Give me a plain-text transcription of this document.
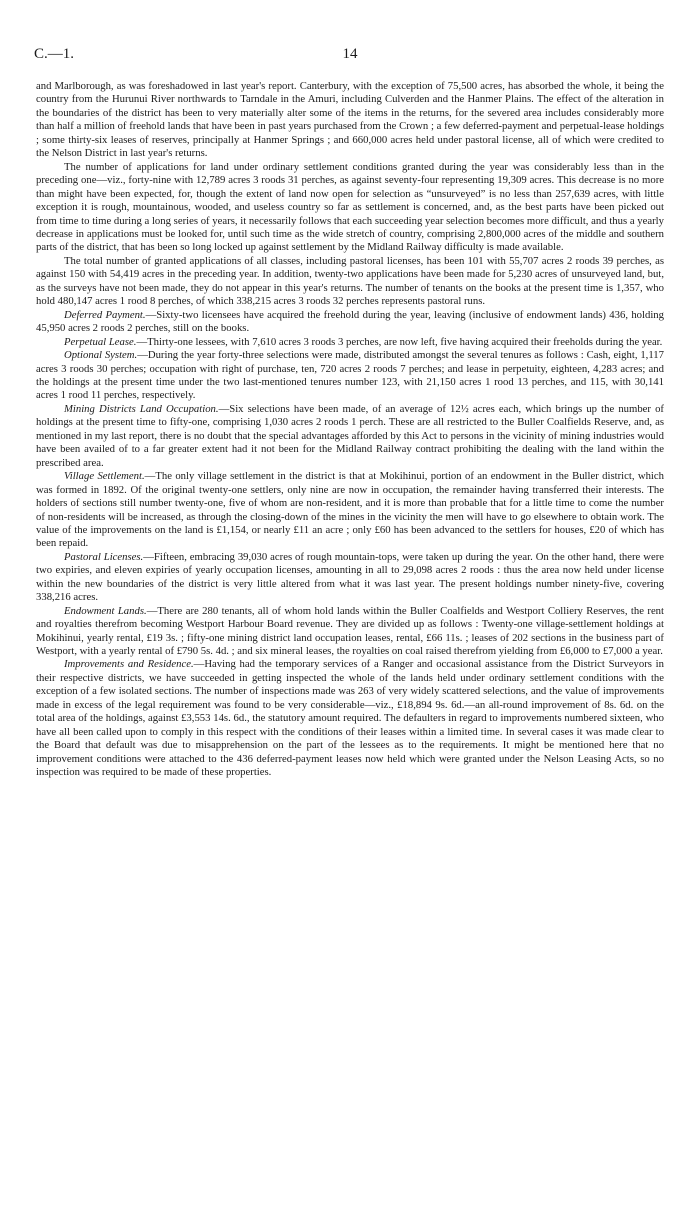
C.—1.	14

and Marlborough, as was foreshadowed in last year's report. Canterbury, with the exception of 75,500 acres, has absorbed the whole, it being the country from the Hurunui River northwards to Tarndale in the Amuri, including Culverden and the Hanmer Plains. The effect of the alteration in the boundaries of the district has been to very materially alter some of the items in the returns, for the severed area includes considerably more than half a million of freehold lands that have been in past years purchased from the Crown ; a few deferred-payment and perpetual-lease holdings ; some thirty-six leases of reserves, principally at Hanmer Springs ; and 660,000 acres held under pastoral license, all of which were credited to the Nelson District in last year's returns.

The number of applications for land under ordinary settlement conditions granted during the year was considerably less than in the preceding one—viz., forty-nine with 12,789 acres 3 roods 31 perches, as against seventy-four representing 19,309 acres. This decrease is no more than might have been expected, for, though the extent of land now open for selection as “unsurveyed” is no less than 257,639 acres, with little exception it is rough, mountainous, wooded, and useless country so far as settlement is concerned, and, as the best parts have been picked out from time to time during a long series of years, it necessarily follows that each succeeding year selection becomes more difficult, and thus a yearly decrease in applications must be looked for, until such time as the wide stretch of country, comprising 2,800,000 acres of the middle and southern parts of the district, that has been so long locked up against settlement by the Midland Railway difficulty is made available.

The total number of granted applications of all classes, including pastoral licenses, has been 101 with 55,707 acres 2 roods 39 perches, as against 150 with 54,419 acres in the preceding year. In addition, twenty-two applications have been made for 5,230 acres of unsurveyed land, but, as the surveys have not been made, they do not appear in this year's returns. The number of tenants on the books at the present time is 1,357, who hold 480,147 acres 1 rood 8 perches, of which 338,215 acres 3 roods 32 perches represents pastoral runs.

Deferred Payment.—Sixty-two licensees have acquired the freehold during the year, leaving (inclusive of endowment lands) 436, holding 45,950 acres 2 roods 2 perches, still on the books.

Perpetual Lease.—Thirty-one lessees, with 7,610 acres 3 roods 3 perches, are now left, five having acquired their freeholds during the year.

Optional System.—During the year forty-three selections were made, distributed amongst the several tenures as follows : Cash, eight, 1,117 acres 3 roods 30 perches; occupation with right of purchase, ten, 720 acres 2 roods 7 perches; and lease in perpetuity, eighteen, 4,283 acres; and the holdings at the present time under the two last-mentioned tenures number 123, with 21,150 acres 1 rood 13 perches, and 115, with 30,141 acres 1 rood 11 perches, respectively.

Mining Districts Land Occupation.—Six selections have been made, of an average of 12½ acres each, which brings up the number of holdings at the present time to fifty-one, comprising 1,030 acres 2 roods 1 perch. These are all restricted to the Buller Coalfields Reserve, and, as mentioned in my last report, there is no doubt that the special advantages afforded by this Act to persons in the vicinity of mining industries would have been availed of to a far greater extent had it not been for the Midland Railway contract prohibiting the dealing with the land within the prescribed area.

Village Settlement.—The only village settlement in the district is that at Mokihinui, portion of an endowment in the Buller district, which was formed in 1892. Of the original twenty-one settlers, only nine are now in occupation, the remainder having transferred their interests. The holders of sections still number twenty-one, five of whom are non-resident, and it is more than probable that for a little time to come the number of non-residents will be increased, as through the closing-down of the mines in the vicinity the men will have to go elsewhere to obtain work. The value of the improvements on the land is £1,154, or nearly £11 an acre ; only £60 has been advanced to the settlers for houses, £20 of which has been repaid.

Pastoral Licenses.—Fifteen, embracing 39,030 acres of rough mountain-tops, were taken up during the year. On the other hand, there were two expiries, and eleven expiries of yearly occupation licenses, amounting in all to 29,098 acres 2 roods : thus the area now held under license within the new boundaries of the district is very little altered from what it was last year. The present holdings number ninety-five, covering 338,216 acres.

Endowment Lands.—There are 280 tenants, all of whom hold lands within the Buller Coalfields and Westport Colliery Reserves, the rent and royalties therefrom becoming Westport Harbour Board revenue. They are divided up as follows : Twenty-one village-settlement holdings at Mokihinui, yearly rental, £19 3s. ; fifty-one mining district land occupation leases, rental, £66 11s. ; leases of 202 sections in the business part of Westport, with a yearly rental of £790 5s. 4d. ; and six mineral leases, the royalties on coal raised therefrom yielding from £6,000 to £7,000 a year.

Improvements and Residence.—Having had the temporary services of a Ranger and occasional assistance from the District Surveyors in their respective districts, we have succeeded in getting inspected the whole of the lands held under ordinary settlement conditions with the exception of a few isolated sections. The number of inspections made was 263 of very widely scattered selections, and the value of improvements made in excess of the legal requirement was found to be very considerable—viz., £18,894 9s. 6d.—an all-round improvement of 8s. 6d. on the total area of the holdings, against £3,553 14s. 6d., the statutory amount required. The defaulters in regard to improvements numbered sixteen, who have all been called upon to comply in this respect with the conditions of their leases within a limited time. In several cases it was made clear to the Board that default was due to misapprehension on the part of the lessees as to the requirements. It might be mentioned here that no improvement conditions were attached to the 436 deferred-payment leases now held which were granted under the Nelson Leasing Acts, so no inspection was required to be made of these properties.
